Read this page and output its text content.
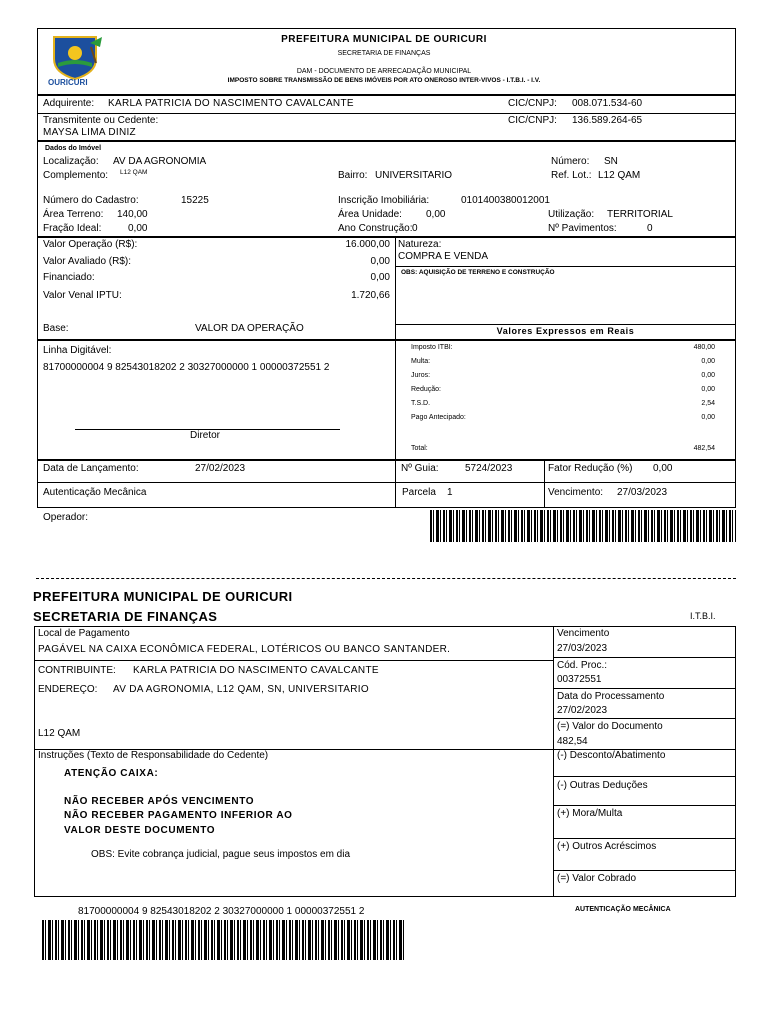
OURICURI
PREFEITURA MUNICIPAL DE OURICURI
SECRETARIA DE FINANÇAS
DAM - DOCUMENTO DE ARRECADAÇÃO MUNICIPAL
IMPOSTO SOBRE TRANSMISSÃO DE BENS IMÓVEIS POR ATO ONEROSO INTER-VIVOS - I.T.B.I. - I.V.
Adquirente: KARLA PATRICIA DO NASCIMENTO CAVALCANTE	CIC/CNPJ: 008.071.534-60
Transmitente ou Cedente:
MAYSA LIMA DINIZ
CIC/CNPJ: 136.589.264-65
Dados do Imóvel
Localização: AV DA AGRONOMIA	Número: SN
Complemento: L12 QAM	Bairro: UNIVERSITARIO	Ref. Lot.: L12 QAM
Número do Cadastro:	15225	Inscrição Imobiliária:	0101400380012001
Área Terreno: 140,00	Área Unidade: 0,00	Utilização: TERRITORIAL
Fração Ideal:	0,00	Ano Construção: 0	Nº Pavimentos:	0
Valor Operação (R$):	16.000,00
Valor Avaliado (R$):	0,00
Financiado:	0,00
Valor Venal IPTU:	1.720,66
Base:	VALOR DA OPERAÇÃO
Natureza:
COMPRA E VENDA
OBS: AQUISIÇÃO DE TERRENO E CONSTRUÇÃO
Valores Expressos em Reais
Linha Digitável:
81700000004 9 82543018202 2 30327000000 1 00000372551 2
Diretor
Imposto ITBI:	480,00
Multa:	0,00
Juros:	0,00
Redução:	0,00
T.S.D.	2,54
Pago Antecipado:	0,00
Total:	482,54
Data de Lançamento:	27/02/2023	Nº Guia:	5724/2023	Fator Redução (%) 0,00
Autenticação Mecânica	Parcela 1	Vencimento: 27/03/2023
Operador:
PREFEITURA MUNICIPAL DE OURICURI
SECRETARIA DE FINANÇAS	I.T.B.I.
Local de Pagamento
PAGÁVEL NA CAIXA ECONÔMICA FEDERAL, LOTÉRICOS OU BANCO SANTANDER.
Vencimento
27/03/2023
CONTRIBUINTE: KARLA PATRICIA DO NASCIMENTO CAVALCANTE	Cód. Proc.:
00372551
ENDEREÇO: AV DA AGRONOMIA, L12 QAM, SN, UNIVERSITARIO
Data do Processamento
27/02/2023
L12 QAM
(=) Valor do Documento
482,54
Instruções (Texto de Responsabilidade do Cedente)	(-) Desconto/Abatimento
ATENÇÃO CAIXA:
(-) Outras Deduções
NÃO RECEBER APÓS VENCIMENTO
NÃO RECEBER PAGAMENTO INFERIOR AO	(+) Mora/Multa
VALOR DESTE DOCUMENTO
(+) Outros Acréscimos
OBS: Evite cobrança judicial, pague seus impostos em dia
(=) Valor Cobrado
81700000004 9 82543018202 2 30327000000 1 00000372551 2	AUTENTICAÇÃO MECÂNICA
